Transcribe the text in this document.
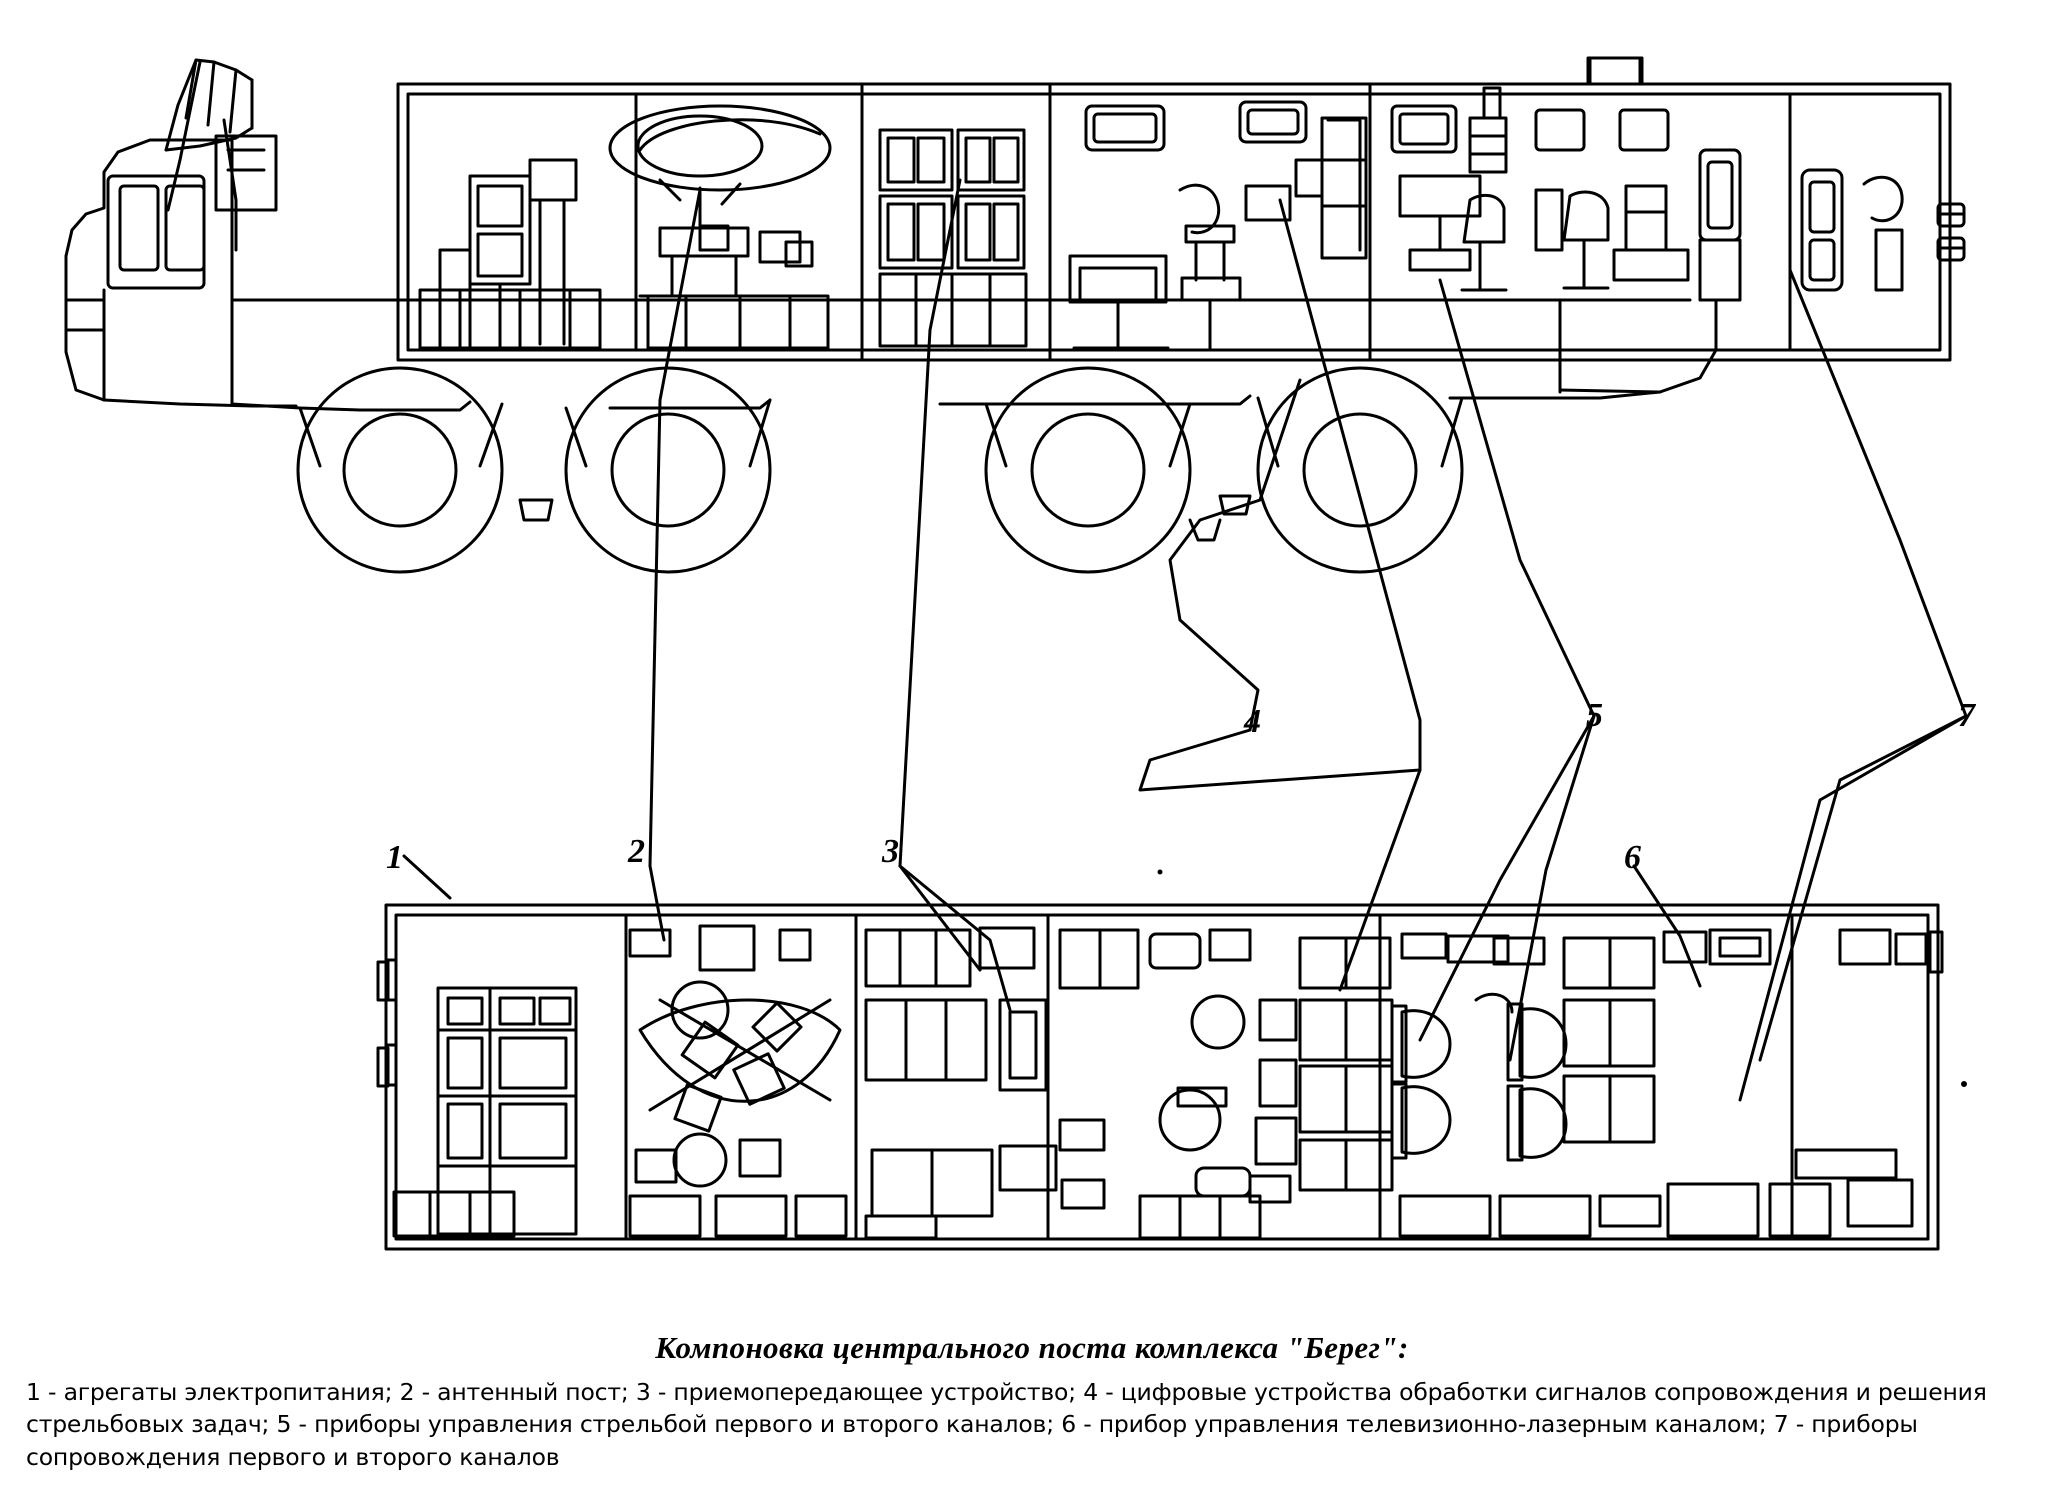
1	2	3
4	5
6
7
Компоновка центрального поста комплекса "Берег":
1 - агрегаты электропитания; 2 - антенный пост; 3 - приемопередающее устройство; 4 - цифровые устройства обработки сигналов сопровождения и решения стрельбовых задач; 5 - приборы управления стрельбой первого и второго каналов; 6 - прибор управления телевизионно-лазерным каналом; 7 - приборы сопровождения первого и второго каналов
